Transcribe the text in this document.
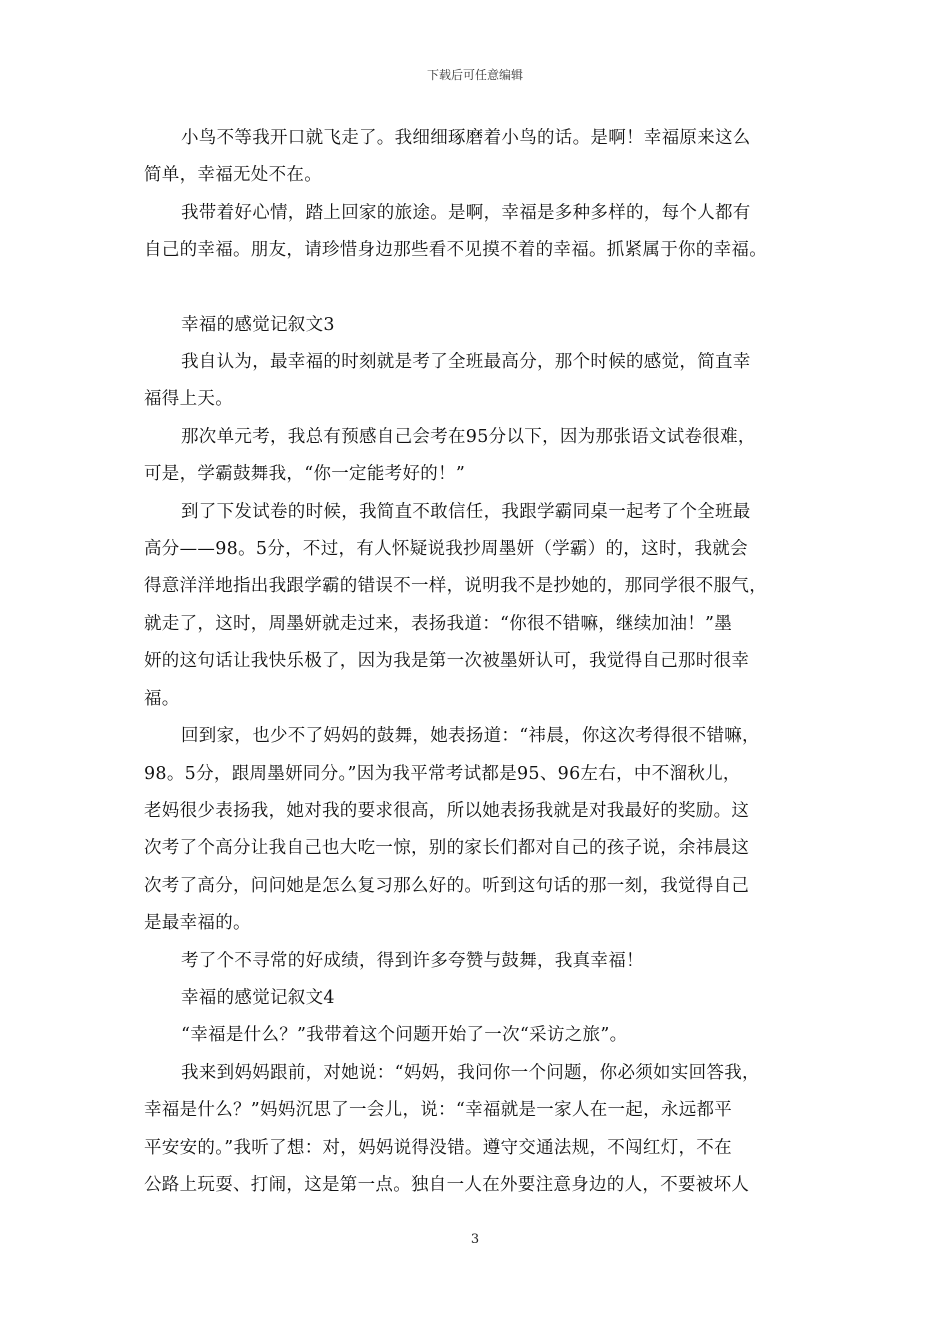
下载后可任意编辑

小鸟不等我开口就飞走了。我细细琢磨着小鸟的话。是啊！幸福原来这么
简单，幸福无处不在。

我带着好心情，踏上回家的旅途。是啊，幸福是多种多样的，每个人都有
自己的幸福。朋友，请珍惜身边那些看不见摸不着的幸福。抓紧属于你的幸福。

幸福的感觉记叙文3

我自认为，最幸福的时刻就是考了全班最高分，那个时候的感觉，简直幸
福得上天。

那次单元考，我总有预感自己会考在95分以下，因为那张语文试卷很难，
可是，学霸鼓舞我，“你一定能考好的！”

到了下发试卷的时候，我简直不敢信任，我跟学霸同桌一起考了个全班最
高分——98。5分，不过，有人怀疑说我抄周墨妍（学霸）的，这时，我就会
得意洋洋地指出我跟学霸的错误不一样，说明我不是抄她的，那同学很不服气，
就走了，这时，周墨妍就走过来，表扬我道：“你很不错嘛，继续加油！”墨
妍的这句话让我快乐极了，因为我是第一次被墨妍认可，我觉得自己那时很幸
福。

回到家，也少不了妈妈的鼓舞，她表扬道：“祎晨，你这次考得很不错嘛，
98。5分，跟周墨妍同分。”因为我平常考试都是95、96左右，中不溜秋儿，
老妈很少表扬我，她对我的要求很高，所以她表扬我就是对我最好的奖励。这
次考了个高分让我自己也大吃一惊，别的家长们都对自己的孩子说，余祎晨这
次考了高分，问问她是怎么复习那么好的。听到这句话的那一刻，我觉得自己
是最幸福的。

考了个不寻常的好成绩，得到许多夸赞与鼓舞，我真幸福！

幸福的感觉记叙文4

“幸福是什么？”我带着这个问题开始了一次“采访之旅”。

我来到妈妈跟前，对她说：“妈妈，我问你一个问题，你必须如实回答我，
幸福是什么？”妈妈沉思了一会儿，说：“幸福就是一家人在一起，永远都平
平安安的。”我听了想：对，妈妈说得没错。遵守交通法规，不闯红灯，不在
公路上玩耍、打闹，这是第一点。独自一人在外要注意身边的人，不要被坏人

3
